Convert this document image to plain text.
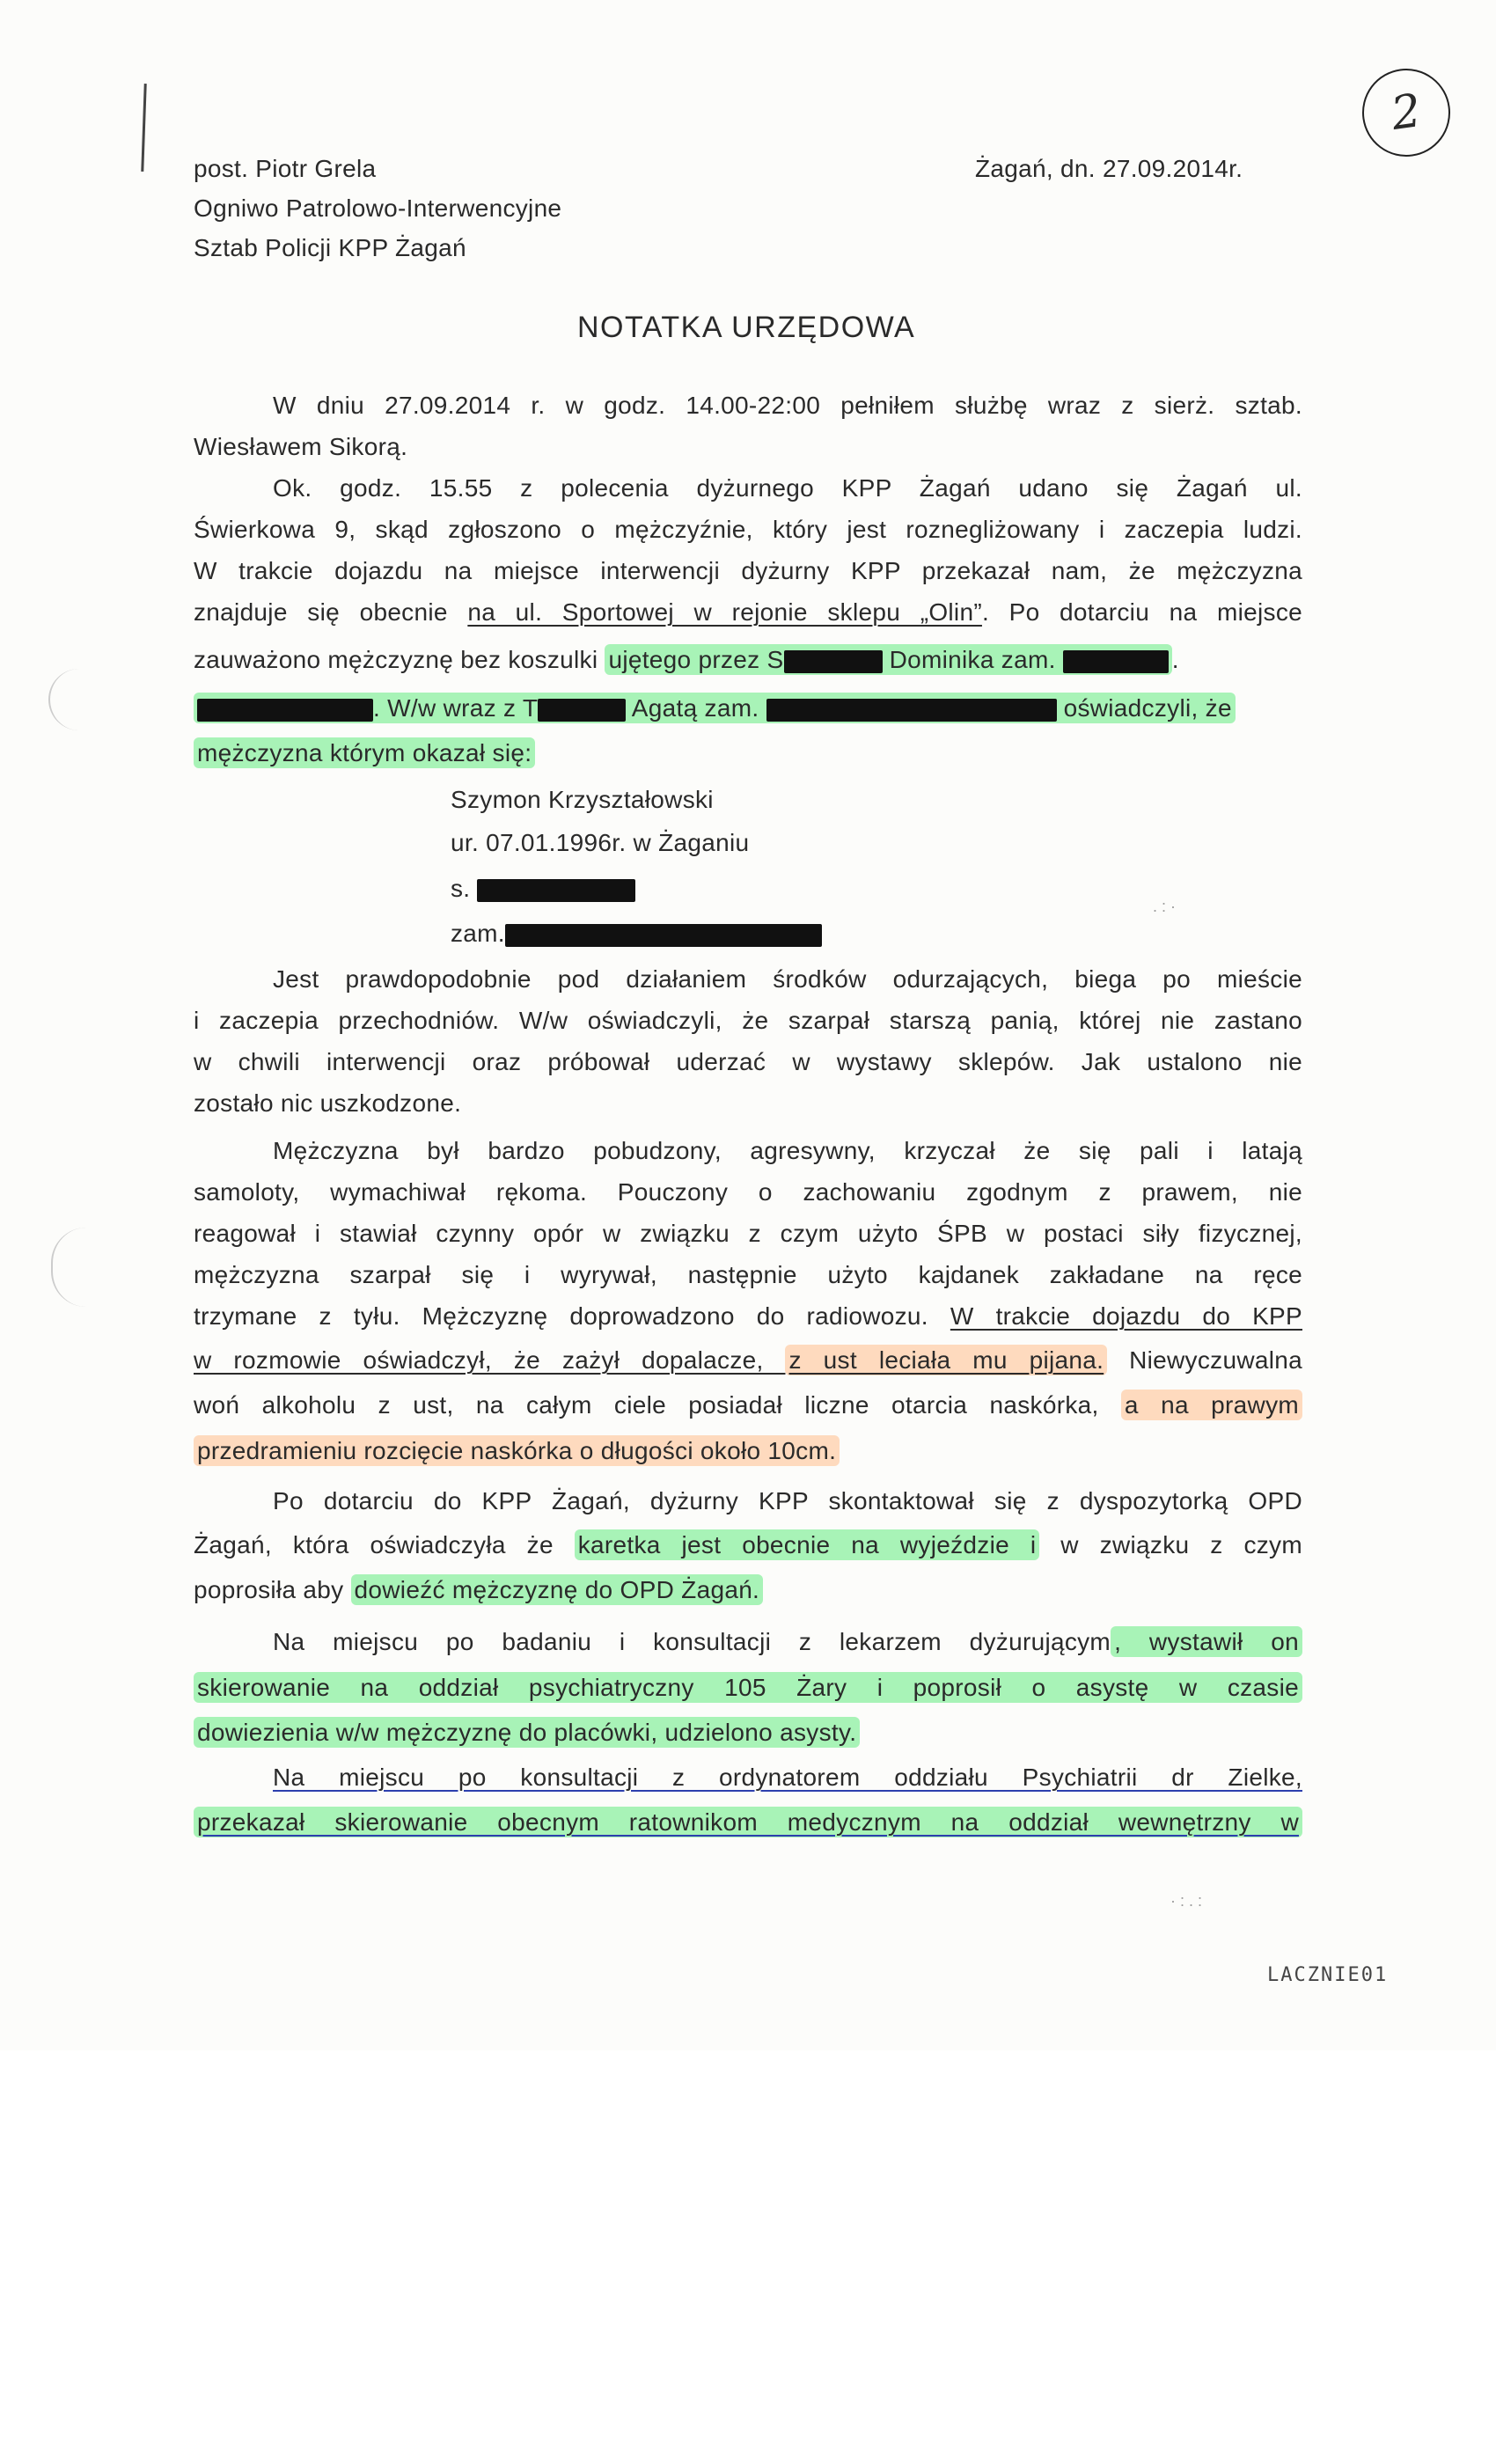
2
post. Piotr Grela
Ogniwo Patrolowo-Interwencyjne
Sztab Policji KPP Żagań
Żagań, dn. 27.09.2014r.
NOTATKA URZĘDOWA
W dniu 27.09.2014 r. w godz. 14.00-22:00 pełniłem służbę wraz z sierż. sztab.
Wiesławem Sikorą.
Ok. godz. 15.55 z polecenia dyżurnego KPP Żagań udano się Żagań ul.
Świerkowa 9, skąd zgłoszono o mężczyźnie, który jest roznegliżowany i zaczepia ludzi.
W trakcie dojazdu na miejsce interwencji dyżurny KPP przekazał nam, że mężczyzna
znajduje się obecnie na ul. Sportowej w rejonie sklepu „Olin”. Po dotarciu na miejsce
zauważono mężczyznę bez koszulki ujętego przez S	Dominika zam.	.
. W/w wraz z T	Agatą zam.	oświadczyli, że
mężczyzna którym okazał się:
Szymon Krzyształowski
ur. 07.01.1996r. w Żaganiu
s.
zam.
Jest prawdopodobnie pod działaniem środków odurzających, biega po mieście
i zaczepia przechodniów. W/w oświadczyli, że szarpał starszą panią, której nie zastano
w chwili interwencji oraz próbował uderzać w wystawy sklepów. Jak ustalono nie
zostało nic uszkodzone.
Mężczyzna był bardzo pobudzony, agresywny, krzyczał że się pali i latają
samoloty, wymachiwał rękoma. Pouczony o zachowaniu zgodnym z prawem, nie
reagował i stawiał czynny opór w związku z czym użyto ŚPB w postaci siły fizycznej,
mężczyzna szarpał się i wyrywał, następnie użyto kajdanek zakładane na ręce
trzymane z tyłu. Mężczyznę doprowadzono do radiowozu. W trakcie dojazdu do KPP
w rozmowie oświadczył, że zażył dopalacze, z ust leciała mu pijana. Niewyczuwalna
woń alkoholu z ust, na całym ciele posiadał liczne otarcia naskórka, a na prawym
przedramieniu rozcięcie naskórka o długości około 10cm.
Po dotarciu do KPP Żagań, dyżurny KPP skontaktował się z dyspozytorką OPD
Żagań, która oświadczyła że karetka jest obecnie na wyjeździe i w związku z czym
poprosiła aby dowieźć mężczyznę do OPD Żagań.
Na miejscu po badaniu i konsultacji z lekarzem dyżurującym , wystawił on
skierowanie na oddział psychiatryczny 105 Żary i poprosił o asystę w czasie
dowiezienia w/w mężczyznę do placówki, udzielono asysty.
Na miejscu po konsultacji z ordynatorem oddziału Psychiatrii dr Zielke,
przekazał skierowanie obecnym ratownikom medycznym na oddział wewnętrzny w
. : ·
· : . :
LACZNIE01
